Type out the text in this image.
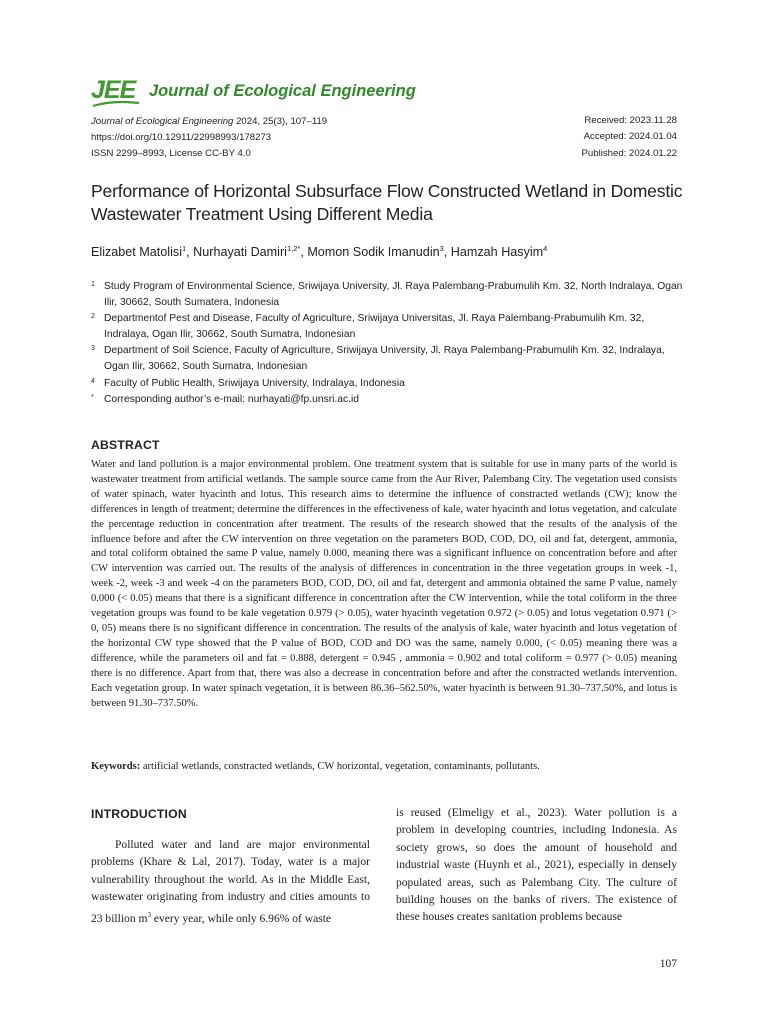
JEE Journal of Ecological Engineering
Journal of Ecological Engineering 2024, 25(3), 107–119
https://doi.org/10.12911/22998993/178273
ISSN 2299–8993, License CC-BY 4.0
Received: 2023.11.28
Accepted: 2024.01.04
Published: 2024.01.22
Performance of Horizontal Subsurface Flow Constructed Wetland in Domestic Wastewater Treatment Using Different Media
Elizabet Matolisi$^1$, Nurhayati Damiri$^{1,2*}$, Momon Sodik Imanudin$^3$, Hamzah Hasyim$^4$
1 Study Program of Environmental Science, Sriwijaya University, Jl. Raya Palembang-Prabumulih Km. 32, North Indralaya, Ogan Ilir, 30662, South Sumatera, Indonesia
2 Departmentof Pest and Disease, Faculty of Agriculture, Sriwijaya Universitas, Jl. Raya Palembang-Prabumulih Km. 32, Indralaya, Ogan Ilir, 30662, South Sumatra, Indonesian
3 Department of Soil Science, Faculty of Agriculture, Sriwijaya University, Jl. Raya Palembang-Prabumulih Km. 32, Indralaya, Ogan Ilir, 30662, South Sumatra, Indonesian
4 Faculty of Public Health, Sriwijaya University, Indralaya, Indonesia
* Corresponding author’s e-mail: nurhayati@fp.unsri.ac.id
ABSTRACT

Water and land pollution is a major environmental problem. One treatment system that is suitable for use in many parts of the world is wastewater treatment from artificial wetlands. The sample source came from the Aur River, Palembang City. The vegetation used consists of water spinach, water hyacinth and lotus. This research aims to determine the influence of constracted wetlands (CW); know the differences in length of treatment; determine the differences in the effectiveness of kale, water hyacinth and lotus vegetation, and calculate the percentage reduction in concentration after treatment. The results of the research showed that the results of the analysis of the influence before and after the CW intervention on three vegetation on the parameters BOD, COD, DO, oil and fat, detergent, ammonia, and total coliform obtained the same P value, namely 0.000, meaning there was a significant influence on concentration before and after CW intervention was carried out. The results of the analysis of differences in concentration in the three vegetation groups in week -1, week -2, week -3 and week -4 on the parameters BOD, COD, DO, oil and fat, detergent and ammonia obtained the same P value, namely 0.000 (< 0.05) means that there is a significant difference in concentration after the CW intervention, while the total coliform in the three vegetation groups was found to be kale vegetation 0.979 (> 0.05), water hyacinth vegetation 0.972 (> 0.05) and lotus vegetation 0.971 (> 0, 05) means there is no significant difference in concentration. The results of the analysis of kale, water hyacinth and lotus vegetation of the horizontal CW type showed that the P value of BOD, COD and DO was the same, namely 0.000, (< 0.05) meaning there was a difference, while the parameters oil and fat = 0.888, detergent = 0.945 , ammonia = 0.902 and total coliform = 0.977 (> 0.05) meaning there is no difference. Apart from that, there was also a decrease in concentration before and after the constracted wetlands intervention. Each vegetation group. In water spinach vegetation, it is between 86.36–562.50%, water hyacinth is between 91.30–737.50%, and lotus is between 91.30–737.50%.

Keywords: artificial wetlands, constracted wetlands, CW horizontal, vegetation, contaminants, pollutants.
INTRODUCTION

Polluted water and land are major environmental problems (Khare & Lal, 2017). Today, water is a major vulnerability throughout the world. As in the Middle East, wastewater originating from industry and cities amounts to 23 billion $m^3$ every year, while only 6.96% of waste

is reused (Elmeligy et al., 2023). Water pollution is a problem in developing countries, including Indonesia. As society grows, so does the amount of household and industrial waste (Huynh et al., 2021), especially in densely populated areas, such as Palembang City. The culture of building houses on the banks of rivers. The existence of these houses creates sanitation problems because

107
